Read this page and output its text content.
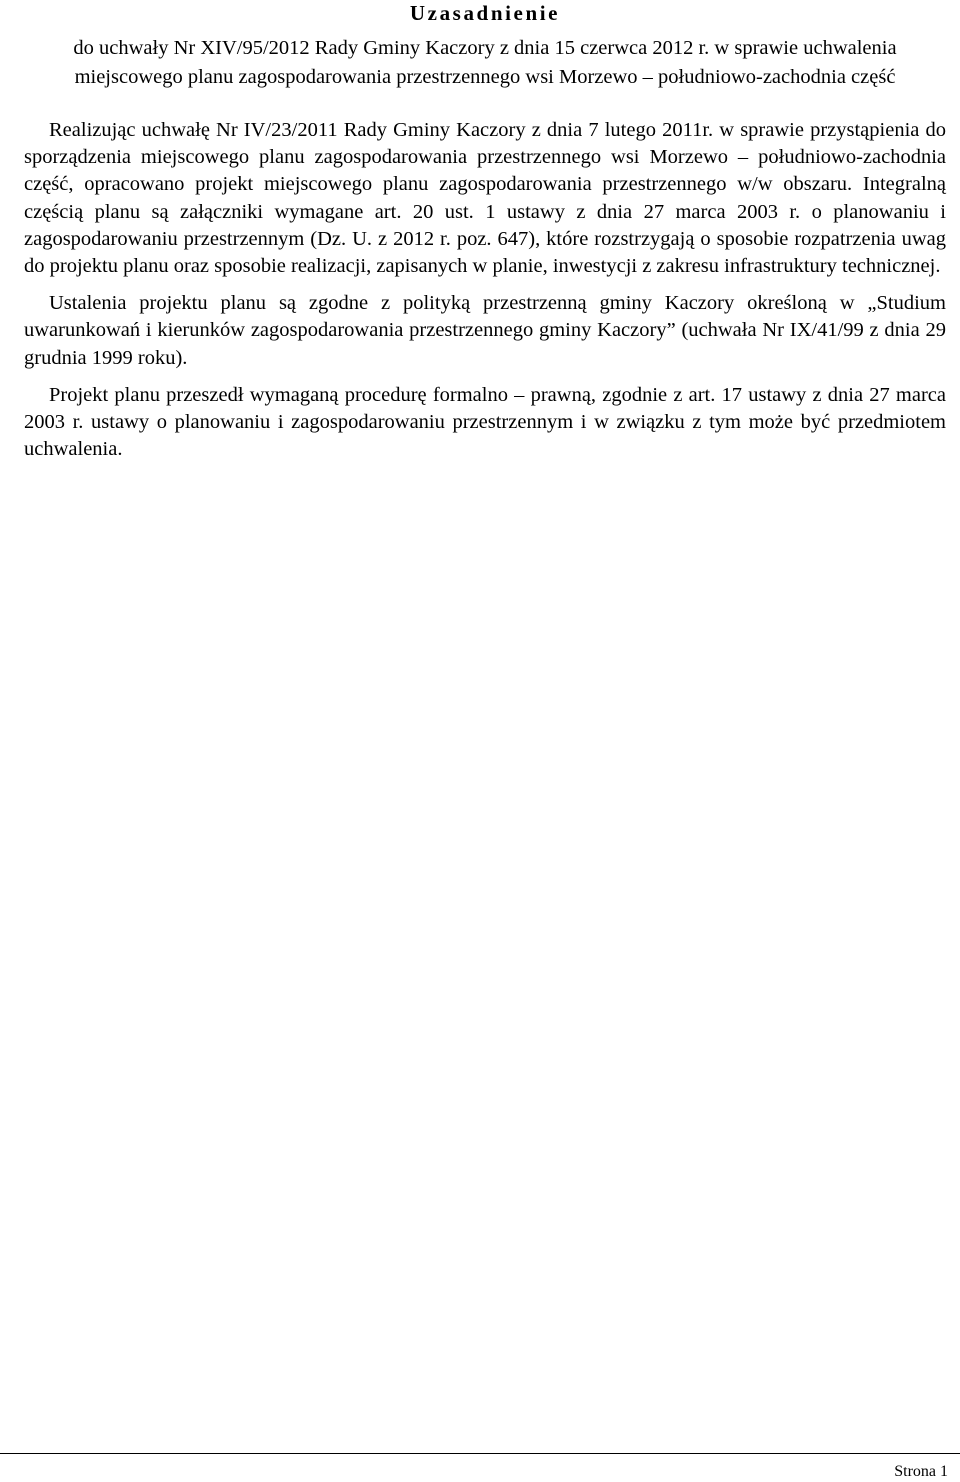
Uzasadnienie

do uchwały Nr XIV/95/2012 Rady Gminy Kaczory z dnia 15 czerwca 2012 r. w sprawie uchwalenia miejscowego planu zagospodarowania przestrzennego wsi Morzewo – południowo-zachodnia część

Realizując uchwałę Nr IV/23/2011 Rady Gminy Kaczory z dnia 7 lutego 2011r. w sprawie przystąpienia do sporządzenia miejscowego planu zagospodarowania przestrzennego wsi Morzewo – południowo-zachodnia część, opracowano projekt miejscowego planu zagospodarowania przestrzennego w/w obszaru. Integralną częścią planu są załączniki wymagane art. 20 ust. 1 ustawy z dnia 27 marca 2003 r. o planowaniu i zagospodarowaniu przestrzennym (Dz. U. z 2012 r. poz. 647), które rozstrzygają o sposobie rozpatrzenia uwag do projektu planu oraz sposobie realizacji, zapisanych w planie, inwestycji z zakresu infrastruktury technicznej.

Ustalenia projektu planu są zgodne z polityką przestrzenną gminy Kaczory określoną w „Studium uwarunkowań i kierunków zagospodarowania przestrzennego gminy Kaczory” (uchwała Nr IX/41/99 z dnia 29 grudnia 1999 roku).

Projekt planu przeszedł wymaganą procedurę formalno – prawną, zgodnie z art. 17 ustawy z dnia 27 marca 2003 r. ustawy o planowaniu i zagospodarowaniu przestrzennym i w związku z tym może być przedmiotem uchwalenia.

Strona 1
